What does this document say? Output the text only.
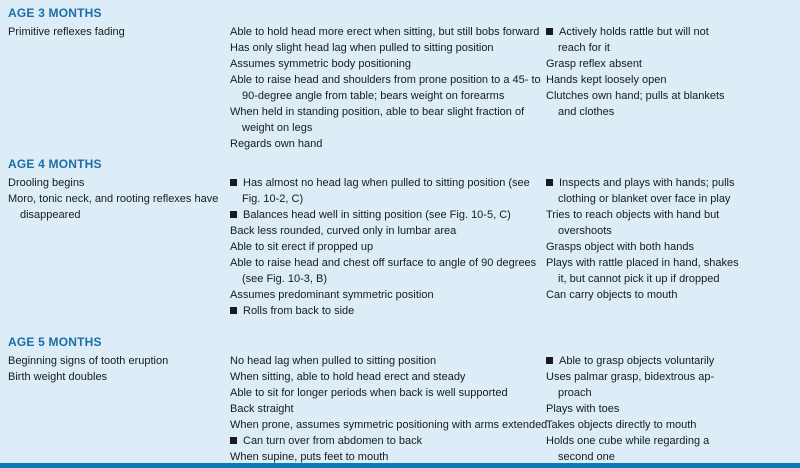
AGE 3 MONTHS
Primitive reflexes fading	Able to hold head more erect when sitting, but still bobs forward
Has only slight head lag when pulled to sitting position
Assumes symmetric body positioning
Able to raise head and shoulders from prone position to a 45- to
90-degree angle from table; bears weight on forearms
When held in standing position, able to bear slight fraction of
weight on legs
Regards own hand
Actively holds rattle but will not
reach for it
Grasp reflex absent
Hands kept loosely open
Clutches own hand; pulls at blankets
and clothes
AGE 4 MONTHS
Drooling begins
Moro, tonic neck, and rooting reflexes have
disappeared
Has almost no head lag when pulled to sitting position (see
Fig. 10-2, C)
Balances head well in sitting position (see Fig. 10-5, C)
Back less rounded, curved only in lumbar area
Able to sit erect if propped up
Able to raise head and chest off surface to angle of 90 degrees
(see Fig. 10-3, B)
Assumes predominant symmetric position
Rolls from back to side
Inspects and plays with hands; pulls
clothing or blanket over face in play
Tries to reach objects with hand but
overshoots
Grasps object with both hands
Plays with rattle placed in hand, shakes
it, but cannot pick it up if dropped
Can carry objects to mouth
AGE 5 MONTHS
Beginning signs of tooth eruption
Birth weight doubles
No head lag when pulled to sitting position
When sitting, able to hold head erect and steady
Able to sit for longer periods when back is well supported
Back straight
When prone, assumes symmetric positioning with arms extended
Can turn over from abdomen to back
When supine, puts feet to mouth
Able to grasp objects voluntarily
Uses palmar grasp, bidextrous ap-
proach
Plays with toes
Takes objects directly to mouth
Holds one cube while regarding a
second one
